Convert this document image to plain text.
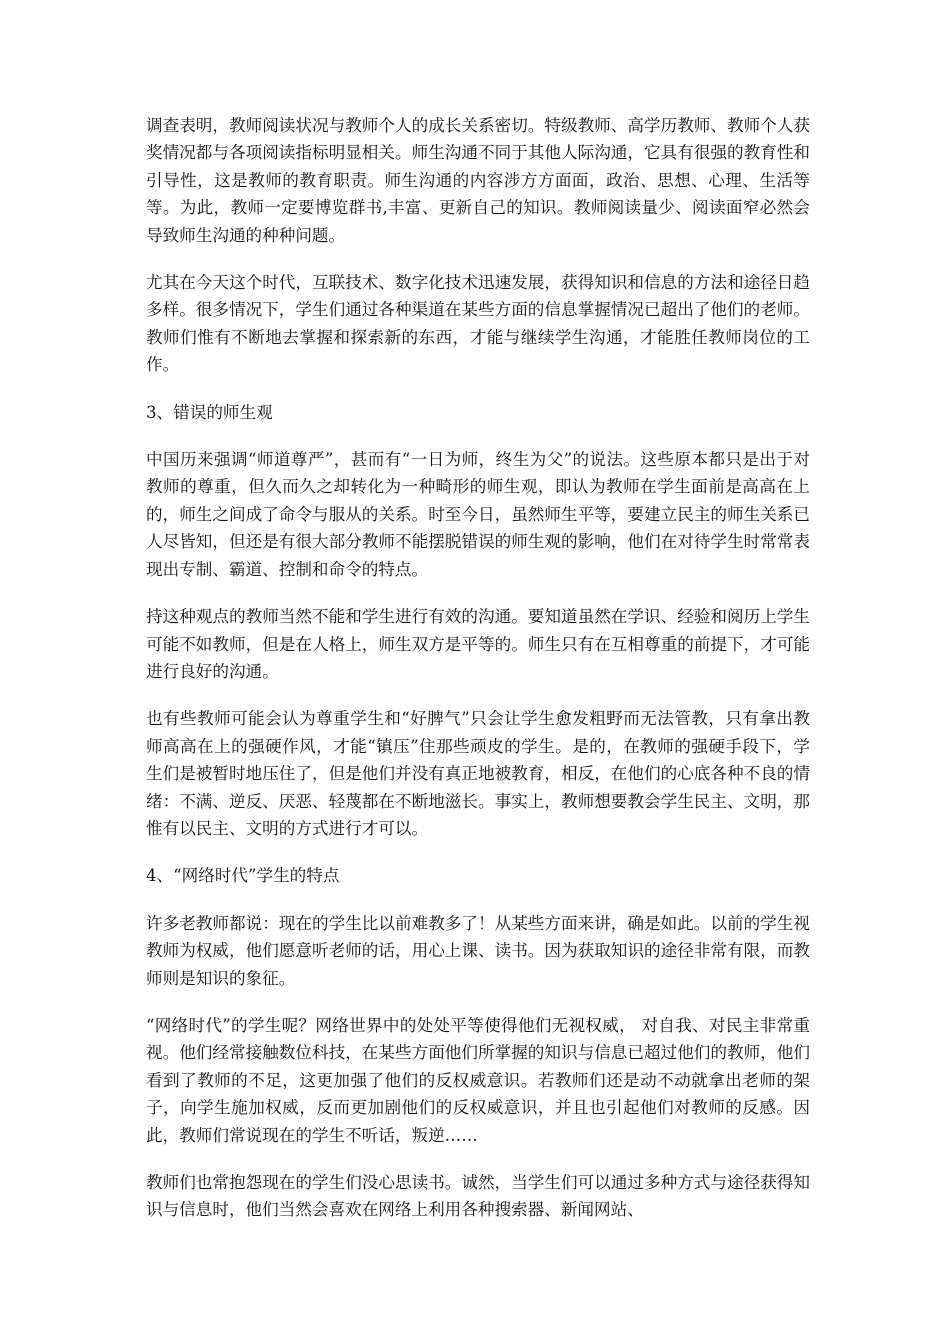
调查表明，教师阅读状况与教师个人的成长关系密切。特级教师、高学历教师、教师个人获奖情况都与各项阅读指标明显相关。师生沟通不同于其他人际沟通，它具有很强的教育性和引导性，这是教师的教育职责。师生沟通的内容涉方方面面，政治、思想、心理、生活等等。为此，教师一定要博览群书,丰富、更新自己的知识。教师阅读量少、阅读面窄必然会导致师生沟通的种种问题。

尤其在今天这个时代，互联技术、数字化技术迅速发展，获得知识和信息的方法和途径日趋多样。很多情况下，学生们通过各种渠道在某些方面的信息掌握情况已超出了他们的老师。教师们惟有不断地去掌握和探索新的东西，才能与继续学生沟通，才能胜任教师岗位的工作。

3、错误的师生观

中国历来强调“师道尊严”，甚而有“一日为师，终生为父”的说法。这些原本都只是出于对教师的尊重，但久而久之却转化为一种畸形的师生观，即认为教师在学生面前是高高在上的，师生之间成了命令与服从的关系。时至今日，虽然师生平等，要建立民主的师生关系已人尽皆知，但还是有很大部分教师不能摆脱错误的师生观的影响，他们在对待学生时常常表现出专制、霸道、控制和命令的特点。

持这种观点的教师当然不能和学生进行有效的沟通。要知道虽然在学识、经验和阅历上学生可能不如教师，但是在人格上，师生双方是平等的。师生只有在互相尊重的前提下，才可能进行良好的沟通。

也有些教师可能会认为尊重学生和“好脾气”只会让学生愈发粗野而无法管教，只有拿出教师高高在上的强硬作风，才能“镇压”住那些顽皮的学生。是的，在教师的强硬手段下，学生们是被暂时地压住了，但是他们并没有真正地被教育，相反，在他们的心底各种不良的情绪：不满、逆反、厌恶、轻蔑都在不断地滋长。事实上，教师想要教会学生民主、文明，那惟有以民主、文明的方式进行才可以。

4、“网络时代”学生的特点

许多老教师都说：现在的学生比以前难教多了！从某些方面来讲，确是如此。以前的学生视教师为权威，他们愿意听老师的话，用心上课、读书。因为获取知识的途径非常有限，而教师则是知识的象征。

“网络时代”的学生呢？网络世界中的处处平等使得他们无视权威， 对自我、对民主非常重视。他们经常接触数位科技，在某些方面他们所掌握的知识与信息已超过他们的教师，他们看到了教师的不足，这更加强了他们的反权威意识。若教师们还是动不动就拿出老师的架子，向学生施加权威，反而更加剧他们的反权威意识，并且也引起他们对教师的反感。因此，教师们常说现在的学生不听话，叛逆……

教师们也常抱怨现在的学生们没心思读书。诚然，当学生们可以通过多种方式与途径获得知识与信息时，他们当然会喜欢在网络上利用各种搜索器、新闻网站、
